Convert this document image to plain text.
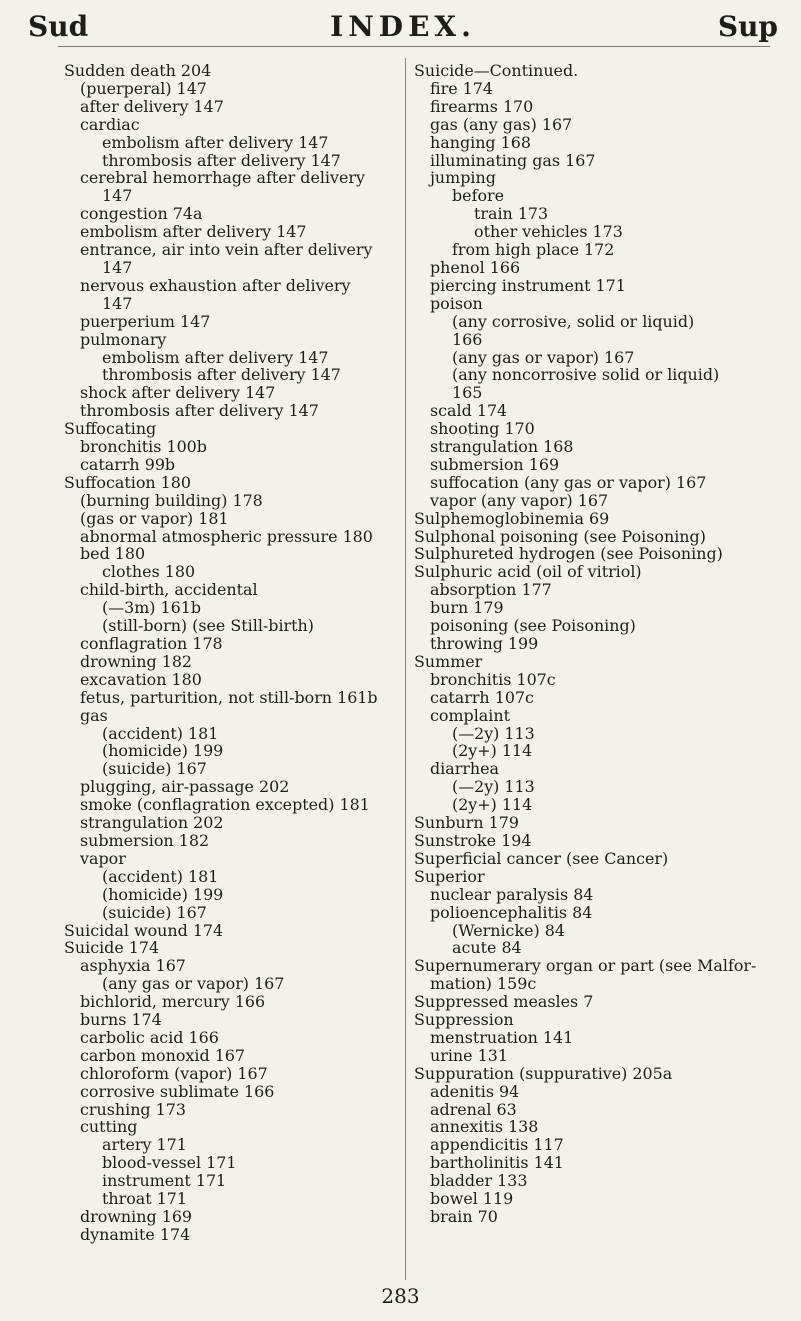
Sud	INDEX.	Sup
Sudden death 204
(puerperal) 147
after delivery 147
cardiac
embolism after delivery 147
thrombosis after delivery 147
cerebral hemorrhage after delivery
147
congestion 74a
embolism after delivery 147
entrance, air into vein after delivery
147
nervous exhaustion after delivery
147
puerperium 147
pulmonary
embolism after delivery 147
thrombosis after delivery 147
shock after delivery 147
thrombosis after delivery 147
Suffocating
bronchitis 100b
catarrh 99b
Suffocation 180
(burning building) 178
(gas or vapor) 181
abnormal atmospheric pressure 180
bed 180
clothes 180
child-birth, accidental
(—3m) 161b
(still-born) (see Still-birth)
conflagration 178
drowning 182
excavation 180
fetus, parturition, not still-born 161b
gas
(accident) 181
(homicide) 199
(suicide) 167
plugging, air-passage 202
smoke (conflagration excepted) 181
strangulation 202
submersion 182
vapor
(accident) 181
(homicide) 199
(suicide) 167
Suicidal wound 174
Suicide 174
asphyxia 167
(any gas or vapor) 167
bichlorid, mercury 166
burns 174
carbolic acid 166
carbon monoxid 167
chloroform (vapor) 167
corrosive sublimate 166
crushing 173
cutting
artery 171
blood-vessel 171
instrument 171
throat 171
drowning 169
dynamite 174
Suicide—Continued.
fire 174
firearms 170
gas (any gas) 167
hanging 168
illuminating gas 167
jumping
before
train 173
other vehicles 173
from high place 172
phenol 166
piercing instrument 171
poison
(any corrosive, solid or liquid)
166
(any gas or vapor) 167
(any noncorrosive solid or liquid)
165
scald 174
shooting 170
strangulation 168
submersion 169
suffocation (any gas or vapor) 167
vapor (any vapor) 167
Sulphemoglobinemia 69
Sulphonal poisoning (see Poisoning)
Sulphureted hydrogen (see Poisoning)
Sulphuric acid (oil of vitriol)
absorption 177
burn 179
poisoning (see Poisoning)
throwing 199
Summer
bronchitis 107c
catarrh 107c
complaint
(—2y) 113
(2y+) 114
diarrhea
(—2y) 113
(2y+) 114
Sunburn 179
Sunstroke 194
Superficial cancer (see Cancer)
Superior
nuclear paralysis 84
polioencephalitis 84
(Wernicke) 84
acute 84
Supernumerary organ or part (see Malfor-
mation) 159c
Suppressed measles 7
Suppression
menstruation 141
urine 131
Suppuration (suppurative) 205a
adenitis 94
adrenal 63
annexitis 138
appendicitis 117
bartholinitis 141
bladder 133
bowel 119
brain 70
283
